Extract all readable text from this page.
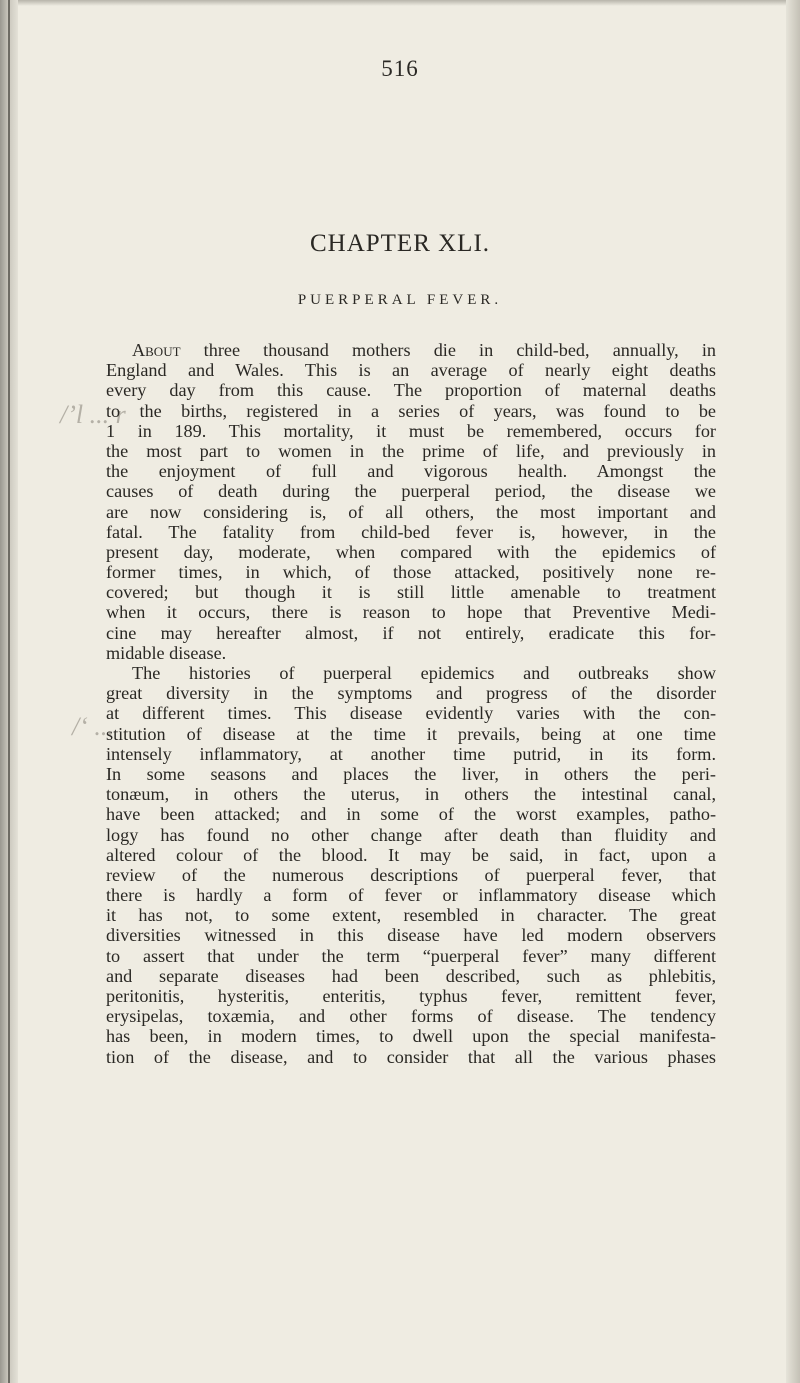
/ʼl ... r
/‘ ...
516
CHAPTER XLI.
PUERPERAL FEVER.
About three thousand mothers die in child-bed, annually, in
England and Wales. This is an average of nearly eight deaths
every day from this cause. The proportion of maternal deaths
to the births, registered in a series of years, was found to be
1 in 189. This mortality, it must be remembered, occurs for
the most part to women in the prime of life, and previously in
the enjoyment of full and vigorous health. Amongst the
causes of death during the puerperal period, the disease we
are now considering is, of all others, the most important and
fatal. The fatality from child-bed fever is, however, in the
present day, moderate, when compared with the epidemics of
former times, in which, of those attacked, positively none re-
covered; but though it is still little amenable to treatment
when it occurs, there is reason to hope that Preventive Medi-
cine may hereafter almost, if not entirely, eradicate this for-
midable disease.
The histories of puerperal epidemics and outbreaks show
great diversity in the symptoms and progress of the disorder
at different times. This disease evidently varies with the con-
stitution of disease at the time it prevails, being at one time
intensely inflammatory, at another time putrid, in its form.
In some seasons and places the liver, in others the peri-
tonæum, in others the uterus, in others the intestinal canal,
have been attacked; and in some of the worst examples, patho-
logy has found no other change after death than fluidity and
altered colour of the blood. It may be said, in fact, upon a
review of the numerous descriptions of puerperal fever, that
there is hardly a form of fever or inflammatory disease which
it has not, to some extent, resembled in character. The great
diversities witnessed in this disease have led modern observers
to assert that under the term “puerperal fever” many different
and separate diseases had been described, such as phlebitis,
peritonitis, hysteritis, enteritis, typhus fever, remittent fever,
erysipelas, toxæmia, and other forms of disease. The tendency
has been, in modern times, to dwell upon the special manifesta-
tion of the disease, and to consider that all the various phases
